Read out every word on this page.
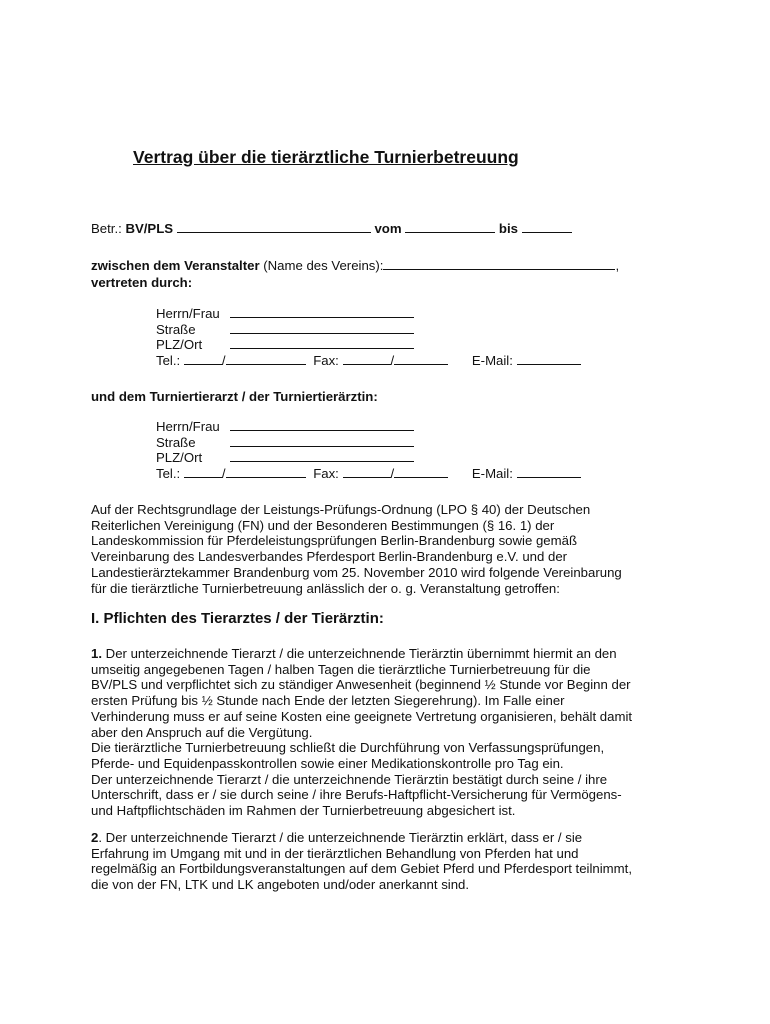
Vertrag über die tierärztliche Turnierbetreuung
Betr.: BV/PLS	vom	bis
zwischen dem Veranstalter (Name des Vereins):	,
vertreten durch:
Herrn/Frau
Straße
PLZ/Ort
Tel.:	/	Fax:	/	E-Mail:
und dem Turniertierarzt / der Turniertierärztin:
Herrn/Frau
Straße
PLZ/Ort
Tel.:	/	Fax:	/	E-Mail:

Auf der Rechtsgrundlage der Leistungs-Prüfungs-Ordnung (LPO § 40) der Deutschen

Reiterlichen Vereinigung (FN) und der Besonderen Bestimmungen (§ 16. 1) der

Landeskommission für Pferdeleistungsprüfungen Berlin-Brandenburg sowie gemäß

Vereinbarung des Landesverbandes Pferdesport Berlin-Brandenburg e.V. und der

Landestierärztekammer Brandenburg vom 25. November 2010 wird folgende Vereinbarung

für die tierärztliche Turnierbetreuung anlässlich der o. g. Veranstaltung getroffen:

I. Pflichten des Tierarztes / der Tierärztin:

1. Der unterzeichnende Tierarzt / die unterzeichnende Tierärztin übernimmt hiermit an den

umseitig angegebenen Tagen / halben Tagen die tierärztliche Turnierbetreuung für die

BV/PLS und verpflichtet sich zu ständiger Anwesenheit (beginnend ½ Stunde vor Beginn der

ersten Prüfung bis ½ Stunde nach Ende der letzten Siegerehrung). Im Falle einer

Verhinderung muss er auf seine Kosten eine geeignete Vertretung organisieren, behält damit

aber den Anspruch auf die Vergütung.

Die tierärztliche Turnierbetreuung schließt die Durchführung von Verfassungsprüfungen,

Pferde- und Equidenpasskontrollen sowie einer Medikationskontrolle pro Tag ein.

Der unterzeichnende Tierarzt / die unterzeichnende Tierärztin bestätigt durch seine / ihre

Unterschrift, dass er / sie durch seine / ihre Berufs-Haftpflicht-Versicherung für Vermögens-

und Haftpflichtschäden im Rahmen der Turnierbetreuung abgesichert ist.

2. Der unterzeichnende Tierarzt / die unterzeichnende Tierärztin erklärt, dass er / sie

Erfahrung im Umgang mit und in der tierärztlichen Behandlung von Pferden hat und

regelmäßig an Fortbildungsveranstaltungen auf dem Gebiet Pferd und Pferdesport teilnimmt,

die von der FN, LTK und LK angeboten und/oder anerkannt sind.
